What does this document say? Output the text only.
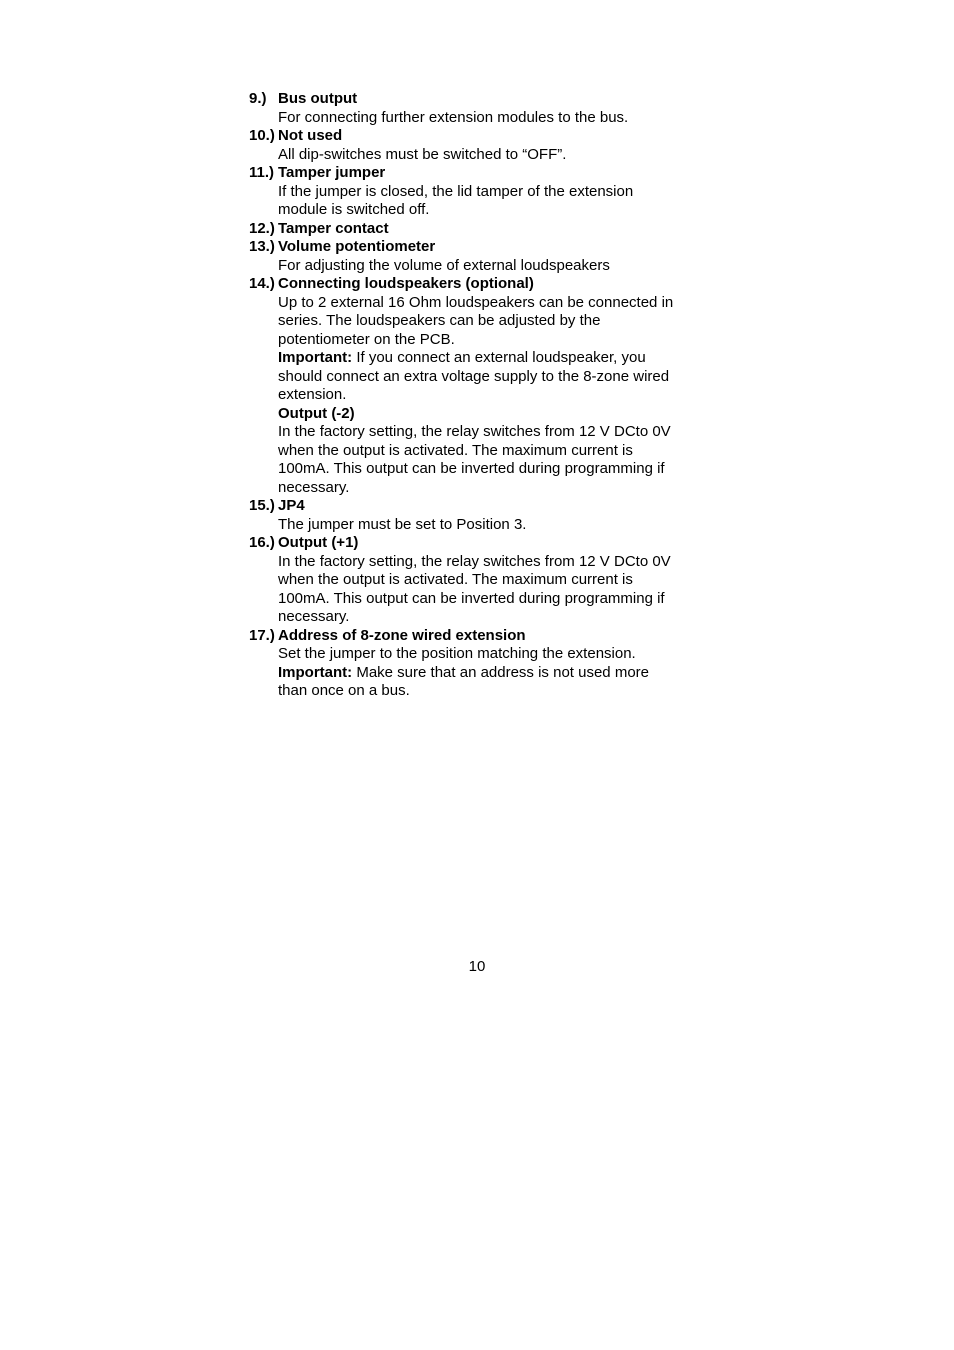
9.) Bus output
For connecting further extension modules to the bus.
10.) Not used
All dip-switches must be switched to “OFF”.
11.) Tamper jumper
If the jumper is closed, the lid tamper of the extension
module is switched off.
12.) Tamper contact
13.) Volume potentiometer
For adjusting the volume of external loudspeakers
14.) Connecting loudspeakers (optional)
Up to 2 external 16 Ohm loudspeakers can be connected in
series. The loudspeakers can be adjusted by the
potentiometer on the PCB.
Important: If you connect an external loudspeaker, you
should connect an extra voltage supply to the 8-zone wired
extension.
Output (-2)
In the factory setting, the relay switches from 12 V DCto 0V
when the output is activated. The maximum current is
100mA. This output can be inverted during programming if
necessary.
15.) JP4
The jumper must be set to Position 3.
16.) Output (+1)
In the factory setting, the relay switches from 12 V DCto 0V
when the output is activated. The maximum current is
100mA. This output can be inverted during programming if
necessary.
17.) Address of 8-zone wired extension
Set the jumper to the position matching the extension.
Important: Make sure that an address is not used more
than once on a bus.
10
